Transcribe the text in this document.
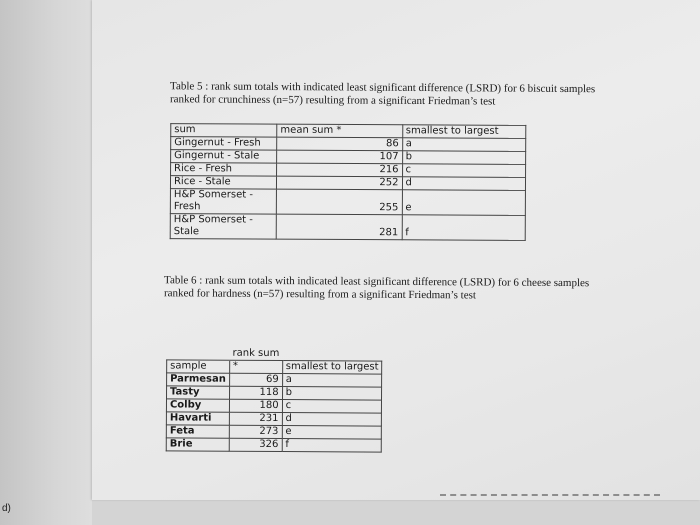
Table 5 : rank sum totals with indicated least significant difference (LSRD) for 6 biscuit samples
ranked for crunchiness (n=57) resulting from a significant Friedman’s test
sum	mean sum *	smallest to largest
Gingernut - Fresh	86	a
Gingernut - Stale	107	b
Rice - Fresh	216	c
Rice - Stale	252	d

H&P Somerset -
Fresh	255	e

H&P Somerset -
Stale	281	f
Table 6 : rank sum totals with indicated least significant difference (LSRD) for 6 cheese samples
ranked for hardness (n=57) resulting from a significant Friedman’s test
	rank sum	
sample	*	smallest to largest
Parmesan	69	a
Tasty	118	b
Colby	180	c
Havarti	231	d
Feta	273	e
Brie	326	f
d)
